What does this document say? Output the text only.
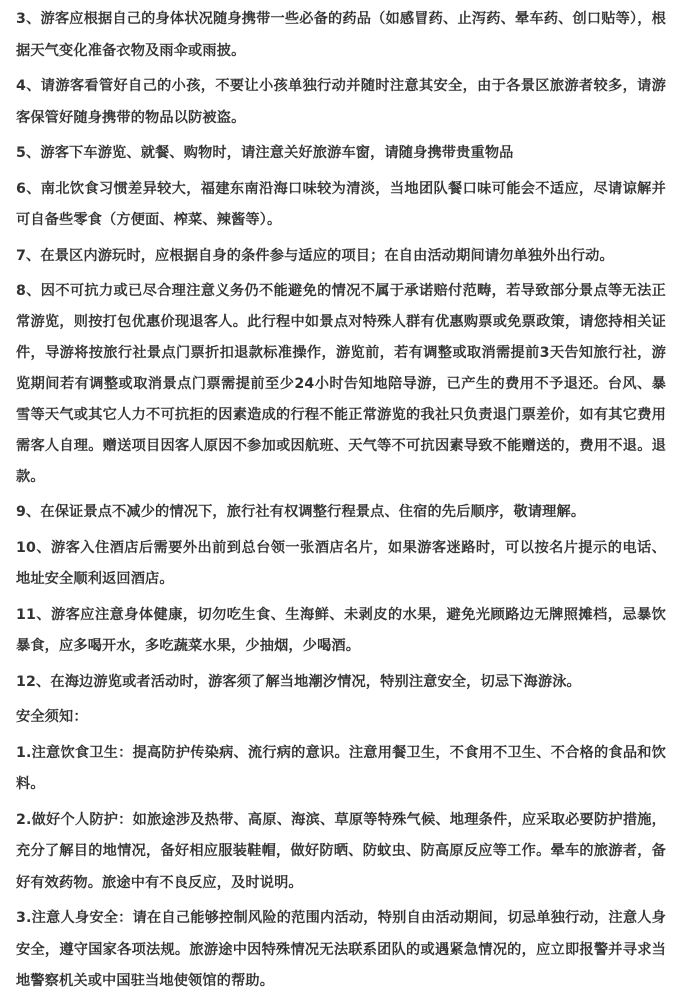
3、游客应根据自己的身体状况随身携带一些必备的药品（如感冒药、止泻药、晕车药、创口贴等），根据天气变化准备衣物及雨伞或雨披。

4、请游客看管好自己的小孩，不要让小孩单独行动并随时注意其安全，由于各景区旅游者较多，请游客保管好随身携带的物品以防被盗。

5、游客下车游览、就餐、购物时，请注意关好旅游车窗，请随身携带贵重物品

6、南北饮食习惯差异较大，福建东南沿海口味较为清淡，当地团队餐口味可能会不适应，尽请谅解并可自备些零食（方便面、榨菜、辣酱等）。

7、在景区内游玩时，应根据自身的条件参与适应的项目；在自由活动期间请勿单独外出行动。

8、因不可抗力或已尽合理注意义务仍不能避免的情况不属于承诺赔付范畴，若导致部分景点等无法正常游览，则按打包优惠价现退客人。此行程中如景点对特殊人群有优惠购票或免票政策，请您持相关证件，导游将按旅行社景点门票折扣退款标准操作，游览前，若有调整或取消需提前3天告知旅行社，游览期间若有调整或取消景点门票需提前至少24小时告知地陪导游，已产生的费用不予退还。台风、暴雪等天气或其它人力不可抗拒的因素造成的行程不能正常游览的我社只负责退门票差价，如有其它费用需客人自理。赠送项目因客人原因不参加或因航班、天气等不可抗因素导致不能赠送的，费用不退。退款。

9、在保证景点不减少的情况下，旅行社有权调整行程景点、住宿的先后顺序，敬请理解。

10、游客入住酒店后需要外出前到总台领一张酒店名片，如果游客迷路时，可以按名片提示的电话、地址安全顺利返回酒店。

11、游客应注意身体健康，切勿吃生食、生海鲜、未剥皮的水果，避免光顾路边无牌照摊档，忌暴饮暴食，应多喝开水，多吃蔬菜水果，少抽烟，少喝酒。

12、在海边游览或者活动时，游客须了解当地潮汐情况，特别注意安全，切忌下海游泳。

安全须知：

1.注意饮食卫生：提高防护传染病、流行病的意识。注意用餐卫生，不食用不卫生、不合格的食品和饮料。

2.做好个人防护：如旅途涉及热带、高原、海滨、草原等特殊气候、地理条件，应采取必要防护措施，充分了解目的地情况，备好相应服装鞋帽，做好防晒、防蚊虫、防高原反应等工作。晕车的旅游者，备好有效药物。旅途中有不良反应，及时说明。

3.注意人身安全：请在自己能够控制风险的范围内活动，特别自由活动期间，切忌单独行动，注意人身安全，遵守国家各项法规。旅游途中因特殊情况无法联系团队的或遇紧急情况的，应立即报警并寻求当地警察机关或中国驻当地使领馆的帮助。
